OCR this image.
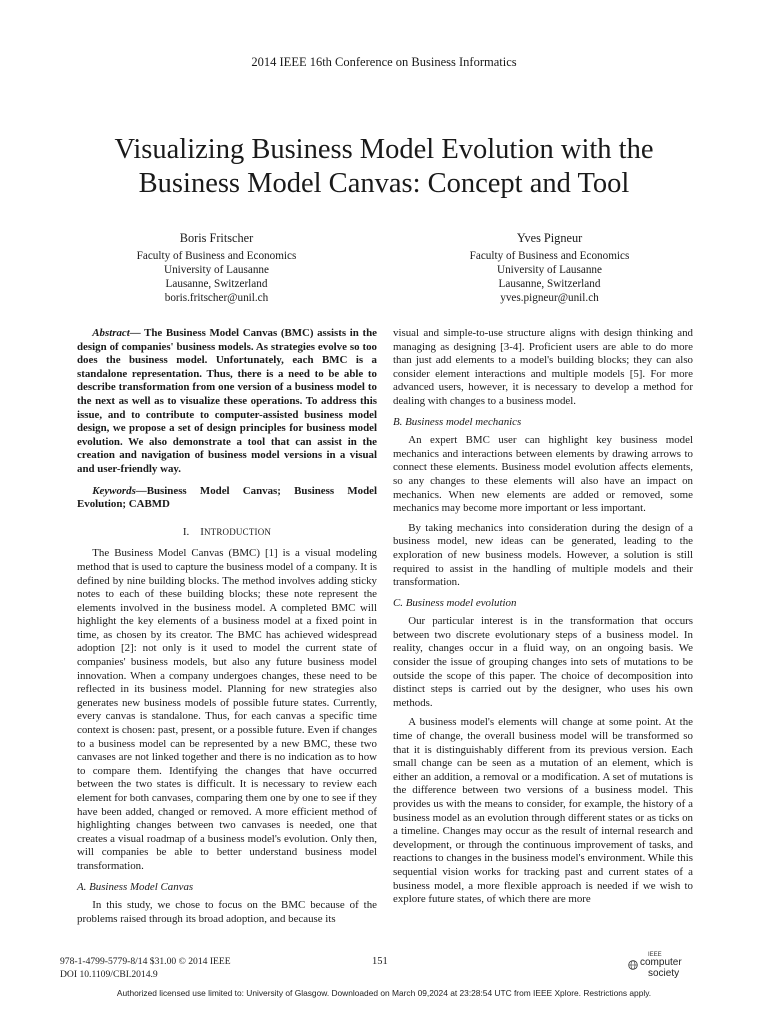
2014 IEEE 16th Conference on Business Informatics
Visualizing Business Model Evolution with the
Business Model Canvas: Concept and Tool
Boris Fritscher
Faculty of Business and Economics
University of Lausanne
Lausanne, Switzerland
boris.fritscher@unil.ch
Yves Pigneur
Faculty of Business and Economics
University of Lausanne
Lausanne, Switzerland
yves.pigneur@unil.ch

Abstract— The Business Model Canvas (BMC) assists in the design of companies' business models. As strategies evolve so too does the business model. Unfortunately, each BMC is a standalone representation. Thus, there is a need to be able to describe transformation from one version of a business model to the next as well as to visualize these operations. To address this issue, and to contribute to computer-assisted business model design, we propose a set of design principles for business model evolution. We also demonstrate a tool that can assist in the creation and navigation of business model versions in a visual and user-friendly way.

Keywords—Business Model Canvas; Business Model Evolution; CABMD

I. INTRODUCTION

The Business Model Canvas (BMC) [1] is a visual modeling method that is used to capture the business model of a company. It is defined by nine building blocks. The method involves adding sticky notes to each of these building blocks; these note represent the elements involved in the business model. A completed BMC will highlight the key elements of a business model at a fixed point in time, as chosen by its creator. The BMC has achieved widespread adoption [2]: not only is it used to model the current state of companies' business models, but also any future business model innovation. When a company undergoes changes, these need to be reflected in its business model. Planning for new strategies also generates new business models of possible future states. Currently, every canvas is standalone. Thus, for each canvas a specific time context is chosen: past, present, or a possible future. Even if changes to a business model can be represented by a new BMC, these two canvases are not linked together and there is no indication as to how to compare them. Identifying the changes that have occurred between the two states is difficult. It is necessary to review each element for both canvases, comparing them one by one to see if they have been added, changed or removed. A more efficient method of highlighting changes between two canvases is needed, one that creates a visual roadmap of a business model's evolution. Only then, will companies be able to better understand business model transformation.

A. Business Model Canvas

In this study, we chose to focus on the BMC because of the problems raised through its broad adoption, and because its

visual and simple-to-use structure aligns with design thinking and managing as designing [3-4]. Proficient users are able to do more than just add elements to a model's building blocks; they can also consider element interactions and multiple models [5]. For more advanced users, however, it is necessary to develop a method for dealing with changes to a business model.

B. Business model mechanics

An expert BMC user can highlight key business model mechanics and interactions between elements by drawing arrows to connect these elements. Business model evolution affects elements, so any changes to these elements will also have an impact on mechanics. When new elements are added or removed, some mechanics may become more important or less important.

By taking mechanics into consideration during the design of a business model, new ideas can be generated, leading to the exploration of new business models. However, a solution is still required to assist in the handling of multiple models and their transformation.

C. Business model evolution

Our particular interest is in the transformation that occurs between two discrete evolutionary steps of a business model. In reality, changes occur in a fluid way, on an ongoing basis. We consider the issue of grouping changes into sets of mutations to be outside the scope of this paper. The choice of decomposition into distinct steps is carried out by the designer, who uses his own methods.

A business model's elements will change at some point. At the time of change, the overall business model will be transformed so that it is distinguishably different from its previous version. Each small change can be seen as a mutation of an element, which is either an addition, a removal or a modification. A set of mutations is the difference between two versions of a business model. This provides us with the means to consider, for example, the history of a business model as an evolution through different states or as ticks on a timeline. Changes may occur as the result of internal research and development, or through the continuous improvement of tasks, and reactions to changes in the business model's environment. While this sequential vision works for tracking past and current states of a business model, a more flexible approach is needed if we wish to explore future states, of which there are more

978-1-4799-5779-8/14 $31.00 © 2014 IEEE
DOI 10.1109/CBI.2014.9
151
IEEE
computer
society
Authorized licensed use limited to: University of Glasgow. Downloaded on March 09,2024 at 23:28:54 UTC from IEEE Xplore. Restrictions apply.
